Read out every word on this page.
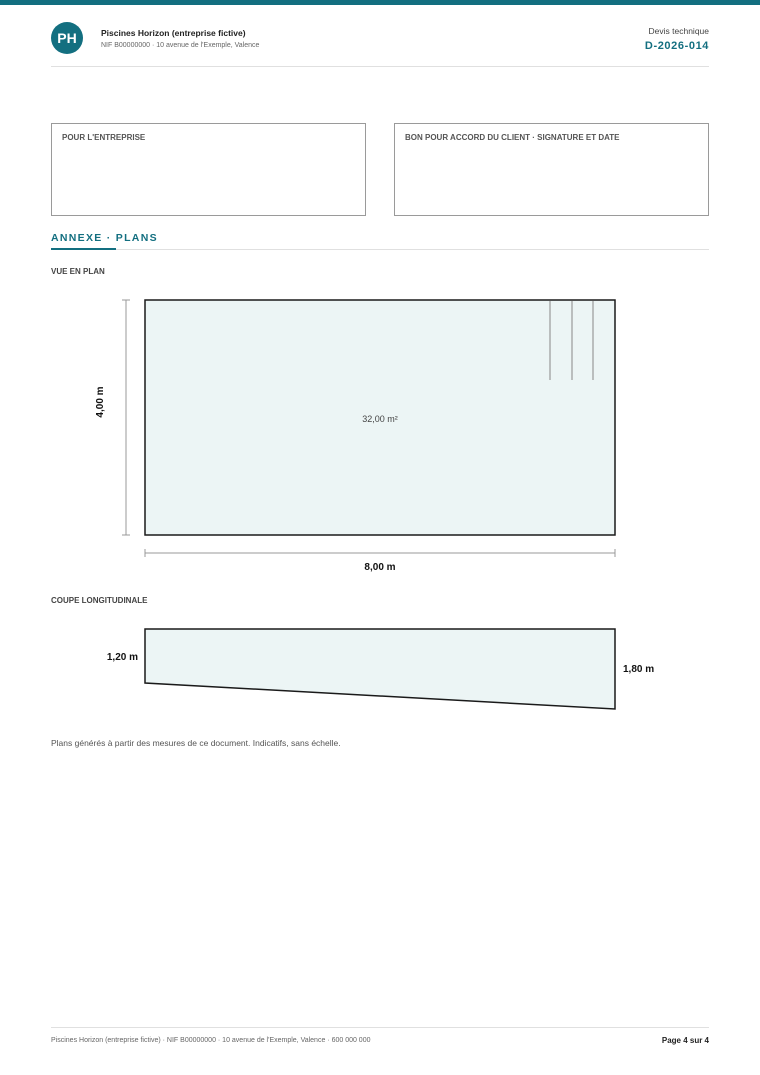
PH	Piscines Horizon (entreprise fictive)
NIF B00000000 · 10 avenue de l'Exemple, Valence
Devis technique
D-2026-014
POUR L'ENTREPRISE	BON POUR ACCORD DU CLIENT · SIGNATURE ET DATE
ANNEXE · PLANS
VUE EN PLAN
32,00 m²
4,00 m
8,00 m
1,20 m
1,80 m
COUPE LONGITUDINALE
Plans générés à partir des mesures de ce document. Indicatifs, sans échelle.
Piscines Horizon (entreprise fictive) · NIF B00000000 · 10 avenue de l'Exemple, Valence · 600 000 000	Page 4 sur 4
